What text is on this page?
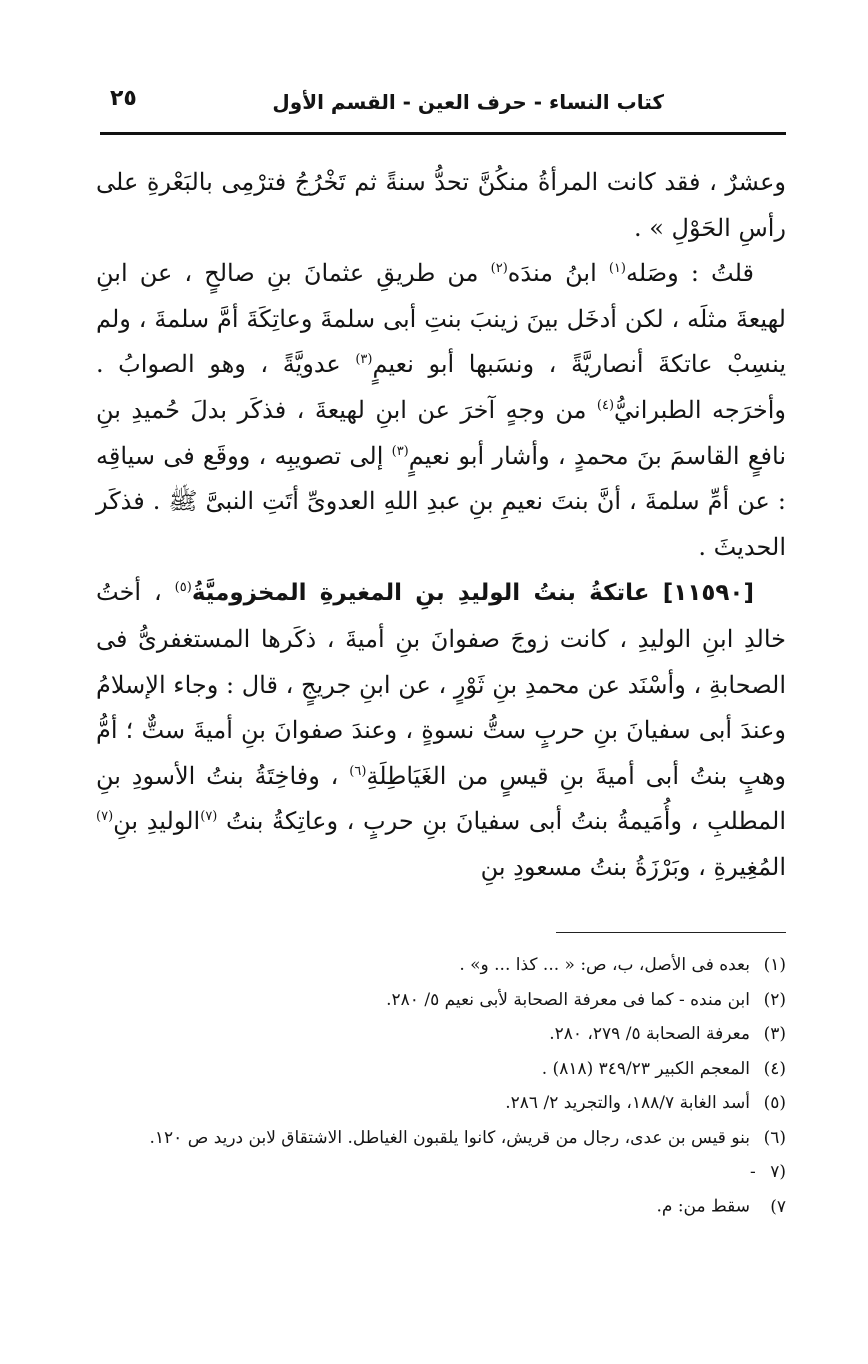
كتاب النساء - حرف العين - القسم الأول
٢٥

وعشرٌ ، فقد كانت المرأةُ منكُنَّ تحدُّ سنةً ثم تَخْرُجُ فترْمِى بالبَعْرةِ على رأسِ الحَوْلِ » .

قلتُ : وصَله$^{(١)}$ ابنُ مندَه$^{(٢)}$ من طريقِ عثمانَ بنِ صالحٍ ، عن ابنِ لهيعةَ مثلَه ، لكن أدخَل بينَ زينبَ بنتِ أبى سلمةَ وعاتِكَةَ أمَّ سلمةَ ، ولم ينسِبْ عاتكةَ أنصاريَّةً ، ونسَبها أبو نعيمٍ$^{(٣)}$ عدويَّةً ، وهو الصوابُ . وأخرَجه الطبرانيُّ$^{(٤)}$ من وجهٍ آخرَ عن ابنِ لهيعةَ ، فذكَر بدلَ حُميدِ بنِ نافعٍ القاسمَ بنَ محمدٍ ، وأشار أبو نعيمٍ$^{(٣)}$ إلى تصويبِه ، ووقَع فى سياقِه : عن أمِّ سلمةَ ، أنَّ بنتَ نعيمِ بنِ عبدِ اللهِ العدوىِّ أتَتِ النبىَّ ﷺ . فذكَر الحديثَ .

[١١٥٩٠] عاتكةُ بنتُ الوليدِ بنِ المغيرةِ المخزوميَّةُ$^{(٥)}$ ، أختُ خالدِ ابنِ الوليدِ ، كانت زوجَ صفوانَ بنِ أميةَ ، ذكَرها المستغفرىُّ فى الصحابةِ ، وأسْنَد عن محمدِ بنِ ثَوْرٍ ، عن ابنِ جريجٍ ، قال : وجاء الإسلامُ وعندَ أبى سفيانَ بنِ حربٍ ستُّ نسوةٍ ، وعندَ صفوانَ بنِ أميةَ ستٌّ ؛ أمُّ وهبٍ بنتُ أبى أميةَ بنِ قيسٍ من الغَيَاطِلَةِ$^{(٦)}$ ، وفاخِتَةُ بنتُ الأسودِ بنِ المطلبِ ، وأُمَيمةُ بنتُ أبى سفيانَ بنِ حربٍ ، وعاتِكةُ بنتُ $^{(٧)}$الوليدِ بنِ$^{(٧)}$ المُغِيرةِ ، وبَرْزَةُ بنتُ مسعودِ بنِ

(١)بعده فى الأصل، ب، ص: « ... كذا ... و» .
(٢)ابن منده - كما فى معرفة الصحابة لأبى نعيم ٥/ ٢٨٠.
(٣)معرفة الصحابة ٥/ ٢٧٩، ٢٨٠.
(٤)المعجم الكبير ٣٤٩/٢٣ (٨١٨) .
(٥)أسد الغابة ١٨٨/٧، والتجريد ٢/ ٢٨٦.
(٦)بنو قيس بن عدى، رجال من قريش، كانوا يلقبون الغياطل. الاشتقاق لابن دريد ص ١٢٠.
(٧ - ٧)سقط من: م.
